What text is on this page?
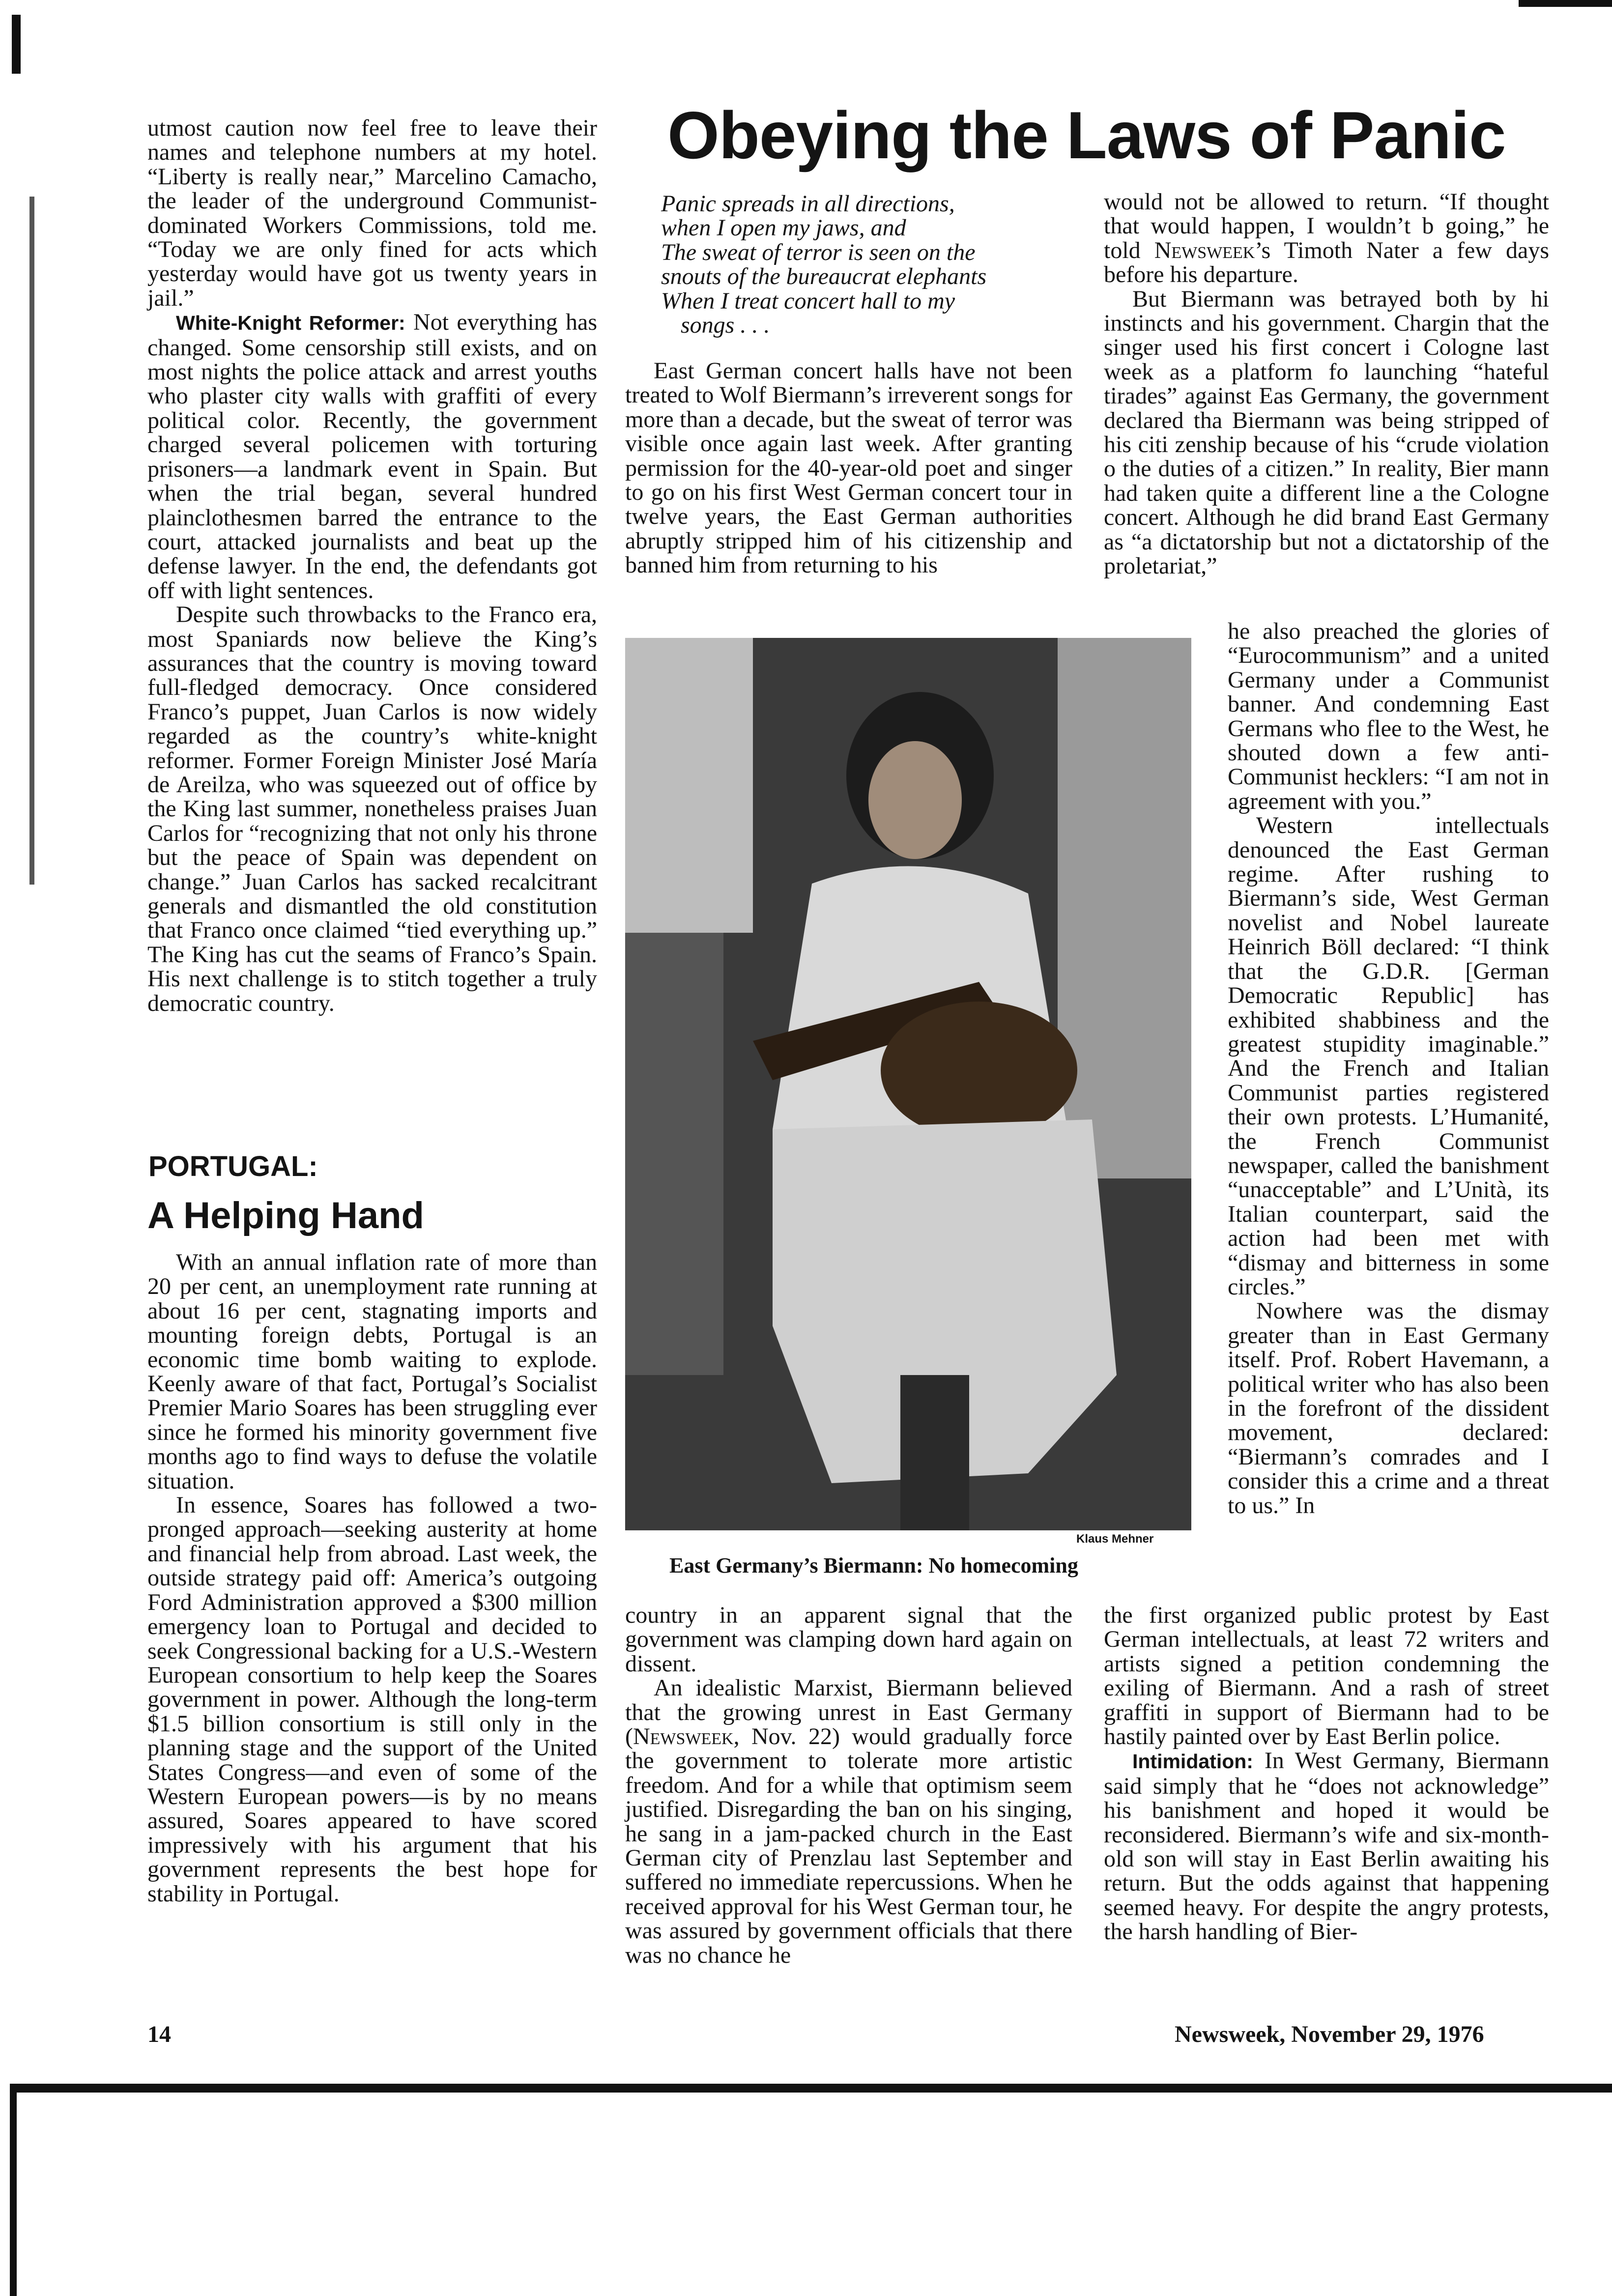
utmost caution now feel free to leave their names and telephone numbers at my hotel. “Liberty is really near,” Marcelino Camacho, the leader of the underground Communist-dominated Workers Commissions, told me. “Today we are only fined for acts which yesterday would have got us twenty years in jail.”

White-Knight Reformer: Not everything has changed. Some censorship still exists, and on most nights the police attack and arrest youths who plaster city walls with graffiti of every political color. Recently, the government charged several policemen with torturing prisoners—a landmark event in Spain. But when the trial began, several hundred plainclothesmen barred the entrance to the court, attacked journalists and beat up the defense lawyer. In the end, the defendants got off with light sentences.

Despite such throwbacks to the Franco era, most Spaniards now believe the King’s assurances that the country is moving toward full-fledged democracy. Once considered Franco’s puppet, Juan Carlos is now widely regarded as the country’s white-knight reformer. Former Foreign Minister José María de Areilza, who was squeezed out of office by the King last summer, nonetheless praises Juan Carlos for “recognizing that not only his throne but the peace of Spain was dependent on change.” Juan Carlos has sacked recalcitrant generals and dismantled the old constitution that Franco once claimed “tied everything up.” The King has cut the seams of Franco’s Spain. His next challenge is to stitch together a truly democratic country.

PORTUGAL:
A Helping Hand

With an annual inflation rate of more than 20 per cent, an unemployment rate running at about 16 per cent, stagnating imports and mounting foreign debts, Portugal is an economic time bomb waiting to explode. Keenly aware of that fact, Portugal’s Socialist Premier Mario Soares has been struggling ever since he formed his minority government five months ago to find ways to defuse the volatile situation.

In essence, Soares has followed a two-pronged approach—seeking austerity at home and financial help from abroad. Last week, the outside strategy paid off: America’s outgoing Ford Administration approved a $300 million emergency loan to Portugal and decided to seek Congressional backing for a U.S.-Western European consortium to help keep the Soares government in power. Although the long-term $1.5 billion consortium is still only in the planning stage and the support of the United States Congress—and even of some of the Western European powers—is by no means assured, Soares appeared to have scored impressively with his argument that his government represents the best hope for stability in Portugal.

Obeying the Laws of Panic
Panic spreads in all directions,
when I open my jaws, and
The sweat of terror is seen on the
snouts of the bureaucrat elephants
When I treat concert hall to my
songs . . .

East German concert halls have not been treated to Wolf Biermann’s irreverent songs for more than a decade, but the sweat of terror was visible once again last week. After granting permission for the 40-year-old poet and singer to go on his first West German concert tour in twelve years, the East German authorities abruptly stripped him of his citizenship and banned him from returning to his

Klaus Mehner
East Germany’s Biermann: No homecoming

country in an apparent signal that the government was clamping down hard again on dissent.

An idealistic Marxist, Biermann believed that the growing unrest in East Germany (Newsweek, Nov. 22) would gradually force the government to tolerate more artistic freedom. And for a while that optimism seem justified. Disregarding the ban on his singing, he sang in a jam-packed church in the East German city of Prenzlau last September and suffered no immediate repercussions. When he received approval for his West German tour, he was assured by government officials that there was no chance he

would not be allowed to return. “If thought that would happen, I wouldn’t b going,” he told Newsweek’s Timoth Nater a few days before his departure.

But Biermann was betrayed both by hi instincts and his government. Chargin that the singer used his first concert i Cologne last week as a platform fo launching “hateful tirades” against Eas Germany, the government declared tha Biermann was being stripped of his citi zenship because of his “crude violation o the duties of a citizen.” In reality, Bier mann had taken quite a different line a the Cologne concert. Although he did brand East Germany as “a dictatorship but not a dictatorship of the proletariat,”

he also preached the glories of “Eurocommunism” and a united Germany under a Communist banner. And condemning East Germans who flee to the West, he shouted down a few anti-Communist hecklers: “I am not in agreement with you.”

Western intellectuals denounced the East German regime. After rushing to Biermann’s side, West German novelist and Nobel laureate Heinrich Böll declared: “I think that the G.D.R. [German Democratic Republic] has exhibited shabbiness and the greatest stupidity imaginable.” And the French and Italian Communist parties registered their own protests. L’Humanité, the French Communist newspaper, called the banishment “unacceptable” and L’Unità, its Italian counterpart, said the action had been met with “dismay and bitterness in some circles.”

Nowhere was the dismay greater than in East Germany itself. Prof. Robert Havemann, a political writer who has also been in the forefront of the dissident movement, declared: “Biermann’s comrades and I consider this a crime and a threat to us.” In

the first organized public protest by East German intellectuals, at least 72 writers and artists signed a petition condemning the exiling of Biermann. And a rash of street graffiti in support of Biermann had to be hastily painted over by East Berlin police.

Intimidation: In West Germany, Biermann said simply that he “does not acknowledge” his banishment and hoped it would be reconsidered. Biermann’s wife and six-month-old son will stay in East Berlin awaiting his return. But the odds against that happening seemed heavy. For despite the angry protests, the harsh handling of Bier-

14	Newsweek, November 29, 1976
